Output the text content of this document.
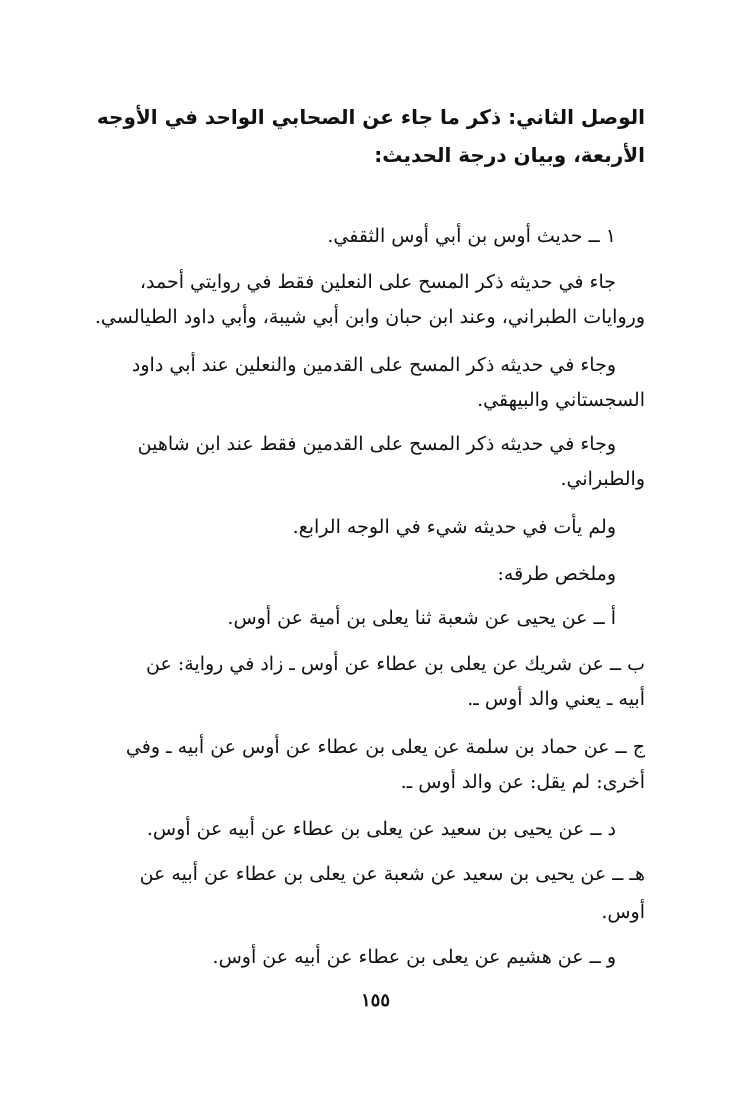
الوصل الثاني: ذكر ما جاء عن الصحابي الواحد في الأوجه
الأربعة، وبيان درجة الحديث:
١ ــ حديث أوس بن أبي أوس الثقفي.
جاء في حديثه ذكر المسح على النعلين فقط في روايتي أحمد،
وروايات الطبراني، وعند ابن حبان وابن أبي شيبة، وأبي داود الطيالسي.
وجاء في حديثه ذكر المسح على القدمين والنعلين عند أبي داود
السجستاني والبيهقي.
وجاء في حديثه ذكر المسح على القدمين فقط عند ابن شاهين
والطبراني.
ولم يأت في حديثه شيء في الوجه الرابع.
وملخص طرقه:
أ ــ عن يحيى عن شعبة ثنا يعلى بن أمية عن أوس.
ب ــ عن شريك عن يعلى بن عطاء عن أوس ـ زاد في رواية: عن
أبيه ـ يعني والد أوس ـ.
ج ــ عن حماد بن سلمة عن يعلى بن عطاء عن أوس عن أبيه ـ وفي
أخرى: لم يقل: عن والد أوس ـ.
د ــ عن يحيى بن سعيد عن يعلى بن عطاء عن أبيه عن أوس.
هـ ــ عن يحيى بن سعيد عن شعبة عن يعلى بن عطاء عن أبيه عن
أوس.
و ــ عن هشيم عن يعلى بن عطاء عن أبيه عن أوس.
١٥٥
